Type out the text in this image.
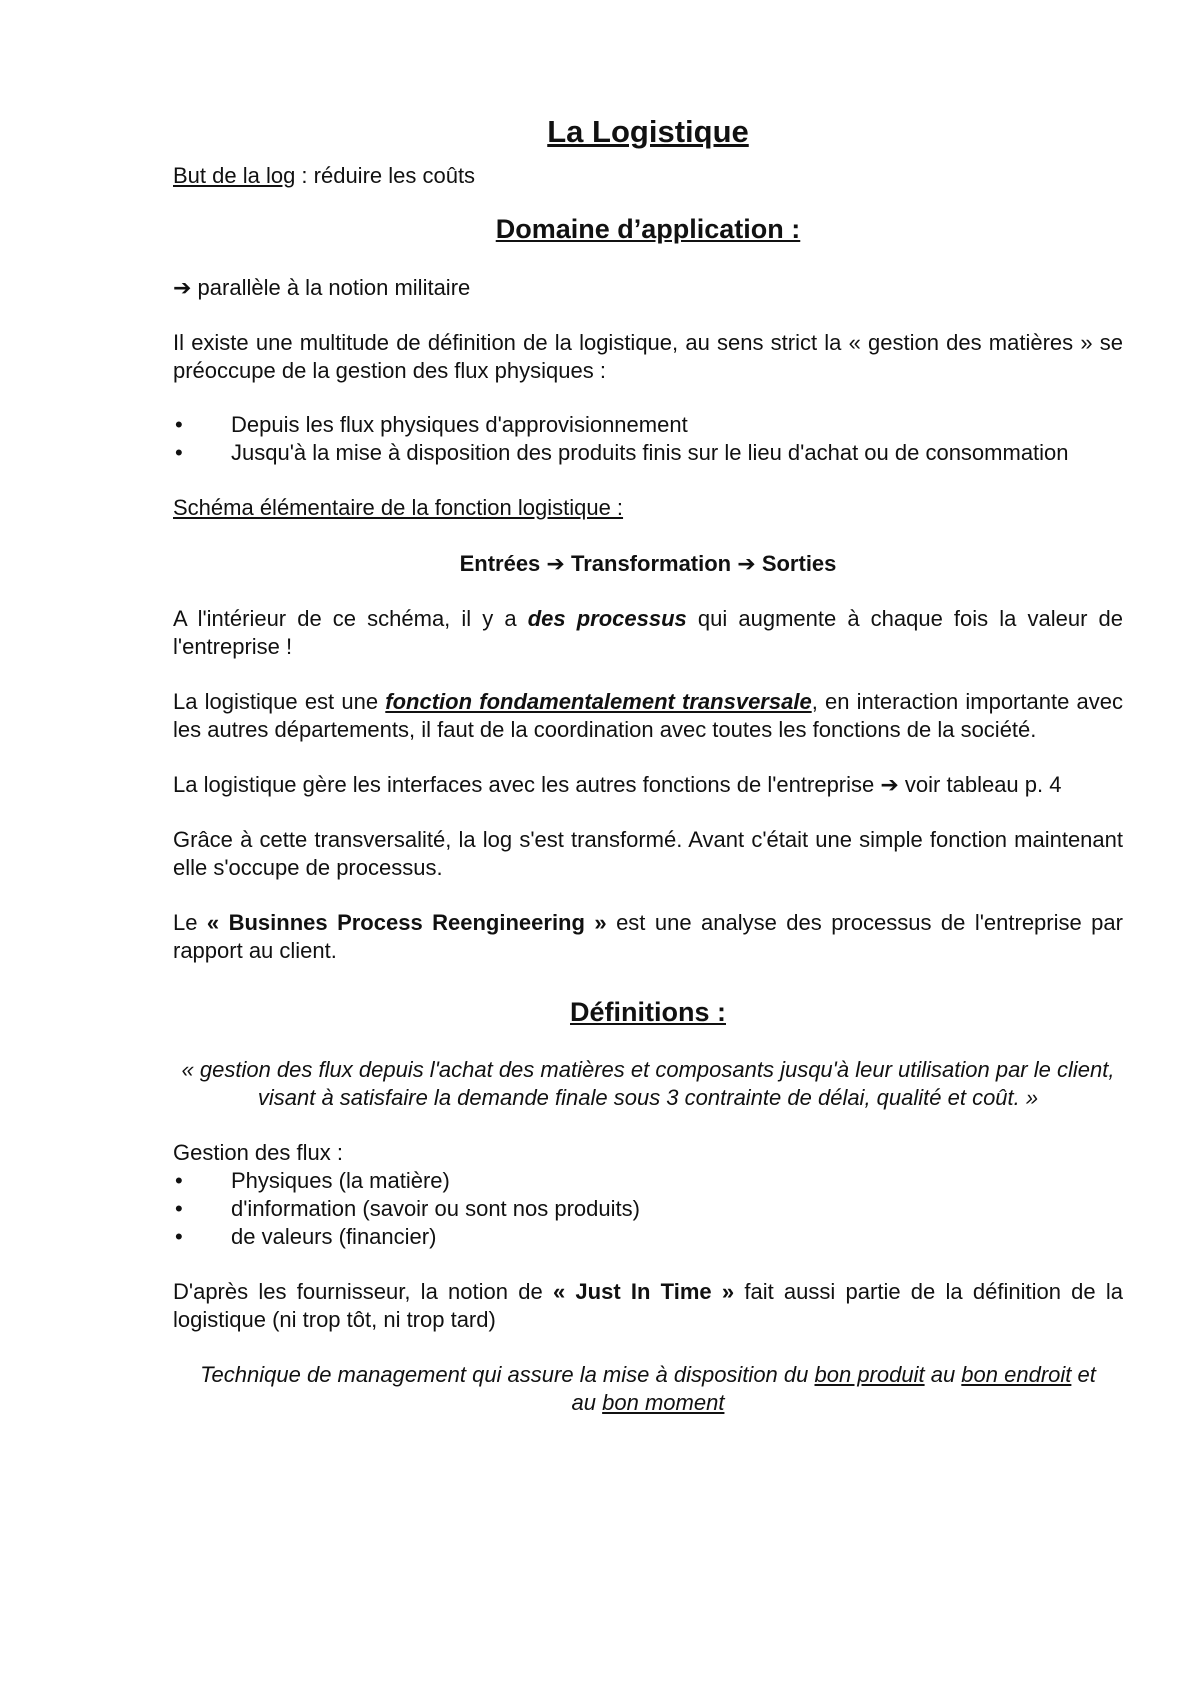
La Logistique

But de la log : réduire les coûts

Domaine d’application :

➔ parallèle à la notion militaire

Il existe une multitude de définition de la logistique, au sens strict la « gestion des matières » se préoccupe de la gestion des flux physiques :

• Depuis les flux physiques d'approvisionnement
• Jusqu'à la mise à disposition des produits finis sur le lieu d'achat ou de consommation

Schéma élémentaire de la fonction logistique :

Entrées ➔ Transformation ➔ Sorties

A l'intérieur de ce schéma, il y a des processus qui augmente à chaque fois la valeur de l'entreprise !

La logistique est une fonction fondamentalement transversale, en interaction importante avec les autres départements, il faut de la coordination avec toutes les fonctions de la société.

La logistique gère les interfaces avec les autres fonctions de l'entreprise ➔ voir tableau p. 4

Grâce à cette transversalité, la log s'est transformé. Avant c'était une simple fonction maintenant elle s'occupe de processus.

Le « Businnes Process Reengineering » est une analyse des processus de l'entreprise par rapport au client.

Définitions :

« gestion des flux depuis l'achat des matières et composants jusqu'à leur utilisation par le client, visant à satisfaire la demande finale sous 3 contrainte de délai, qualité et coût. »

Gestion des flux :

• Physiques (la matière)
• d'information (savoir ou sont nos produits)
• de valeurs (financier)

D'après les fournisseur, la notion de « Just In Time » fait aussi partie de la définition de la logistique (ni trop tôt, ni trop tard)

Technique de management qui assure la mise à disposition du bon produit au bon endroit et au bon moment
